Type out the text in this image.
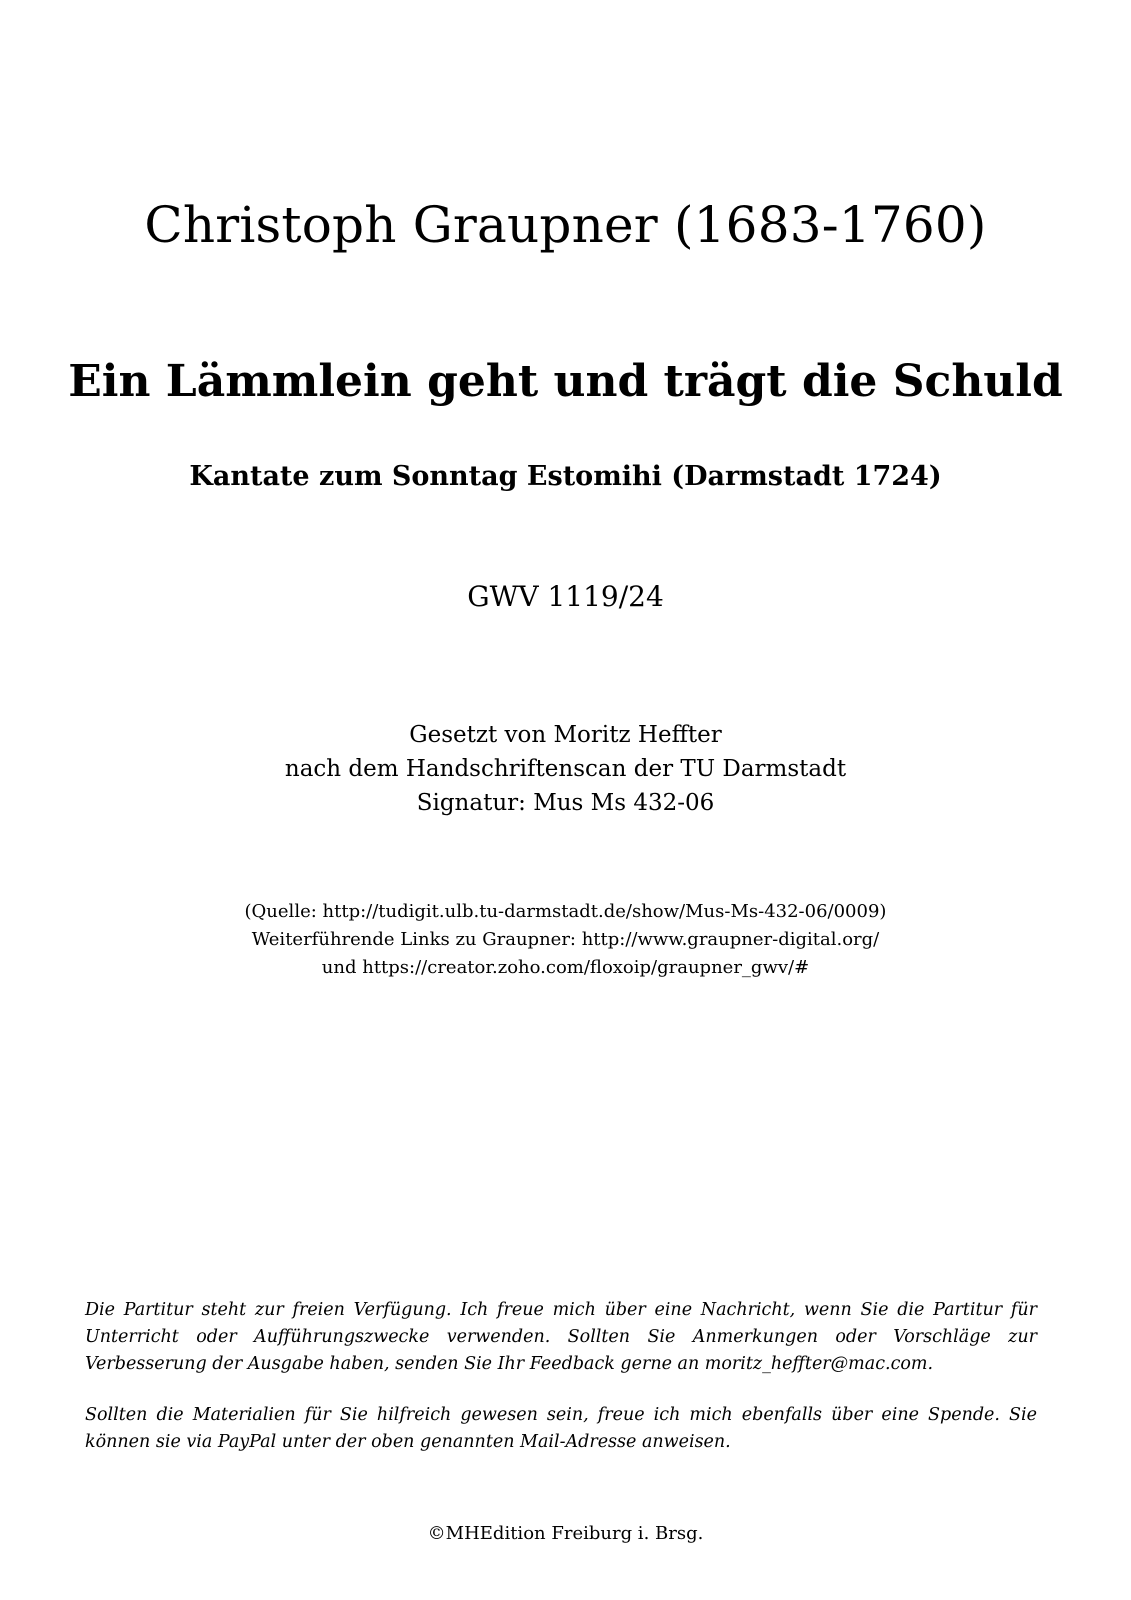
Christoph Graupner (1683-1760)
Ein Lämmlein geht und trägt die Schuld
Kantate zum Sonntag Estomihi (Darmstadt 1724)
GWV 1119/24
Gesetzt von Moritz Heffter
nach dem Handschriftenscan der TU Darmstadt
Signatur: Mus Ms 432-06
(Quelle: http://tudigit.ulb.tu-darmstadt.de/show/Mus-Ms-432-06/0009)
Weiterführende Links zu Graupner: http://www.graupner-digital.org/
und https://creator.zoho.com/floxoip/graupner_gwv/#
Die Partitur steht zur freien Verfügung. Ich freue mich über eine Nachricht, wenn Sie die Partitur für Unterricht oder Aufführungszwecke verwenden. Sollten Sie Anmerkungen oder Vorschläge zur Verbesserung der Ausgabe haben, senden Sie Ihr Feedback gerne an moritz_heffter@mac.com.
Sollten die Materialien für Sie hilfreich gewesen sein, freue ich mich ebenfalls über eine Spende. Sie können sie via PayPal unter der oben genannten Mail-Adresse anweisen.
©MHEdition Freiburg i. Brsg.
